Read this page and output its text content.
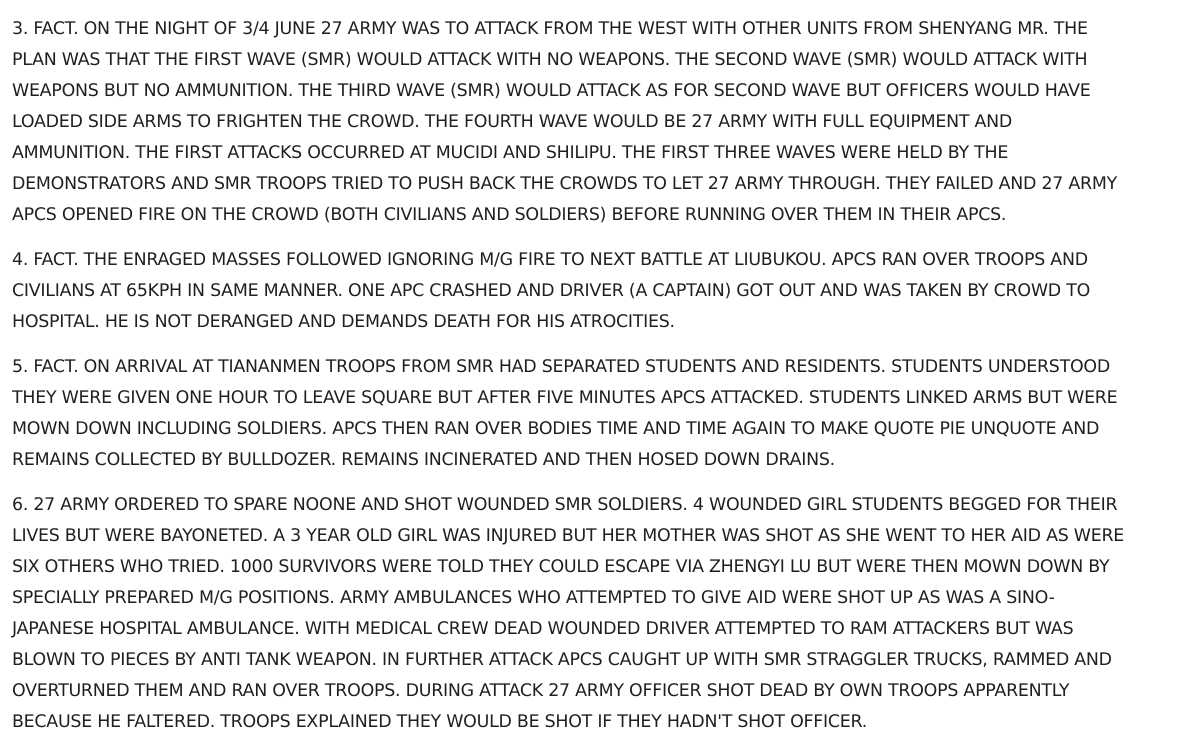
3. FACT. ON THE NIGHT OF 3/4 JUNE 27 ARMY WAS TO ATTACK FROM THE WEST WITH OTHER UNITS FROM SHENYANG MR. THE
PLAN WAS THAT THE FIRST WAVE (SMR) WOULD ATTACK WITH NO WEAPONS. THE SECOND WAVE (SMR) WOULD ATTACK WITH
WEAPONS BUT NO AMMUNITION. THE THIRD WAVE (SMR) WOULD ATTACK AS FOR SECOND WAVE BUT OFFICERS WOULD HAVE
LOADED SIDE ARMS TO FRIGHTEN THE CROWD. THE FOURTH WAVE WOULD BE 27 ARMY WITH FULL EQUIPMENT AND
AMMUNITION. THE FIRST ATTACKS OCCURRED AT MUCIDI AND SHILIPU. THE FIRST THREE WAVES WERE HELD BY THE
DEMONSTRATORS AND SMR TROOPS TRIED TO PUSH BACK THE CROWDS TO LET 27 ARMY THROUGH. THEY FAILED AND 27 ARMY
APCS OPENED FIRE ON THE CROWD (BOTH CIVILIANS AND SOLDIERS) BEFORE RUNNING OVER THEM IN THEIR APCS.

4. FACT. THE ENRAGED MASSES FOLLOWED IGNORING M/G FIRE TO NEXT BATTLE AT LIUBUKOU. APCS RAN OVER TROOPS AND
CIVILIANS AT 65KPH IN SAME MANNER. ONE APC CRASHED AND DRIVER (A CAPTAIN) GOT OUT AND WAS TAKEN BY CROWD TO
HOSPITAL. HE IS NOT DERANGED AND DEMANDS DEATH FOR HIS ATROCITIES.

5. FACT. ON ARRIVAL AT TIANANMEN TROOPS FROM SMR HAD SEPARATED STUDENTS AND RESIDENTS. STUDENTS UNDERSTOOD
THEY WERE GIVEN ONE HOUR TO LEAVE SQUARE BUT AFTER FIVE MINUTES APCS ATTACKED. STUDENTS LINKED ARMS BUT WERE
MOWN DOWN INCLUDING SOLDIERS. APCS THEN RAN OVER BODIES TIME AND TIME AGAIN TO MAKE QUOTE PIE UNQUOTE AND
REMAINS COLLECTED BY BULLDOZER. REMAINS INCINERATED AND THEN HOSED DOWN DRAINS.

6. 27 ARMY ORDERED TO SPARE NOONE AND SHOT WOUNDED SMR SOLDIERS. 4 WOUNDED GIRL STUDENTS BEGGED FOR THEIR
LIVES BUT WERE BAYONETED. A 3 YEAR OLD GIRL WAS INJURED BUT HER MOTHER WAS SHOT AS SHE WENT TO HER AID AS WERE
SIX OTHERS WHO TRIED. 1000 SURVIVORS WERE TOLD THEY COULD ESCAPE VIA ZHENGYI LU BUT WERE THEN MOWN DOWN BY
SPECIALLY PREPARED M/G POSITIONS. ARMY AMBULANCES WHO ATTEMPTED TO GIVE AID WERE SHOT UP AS WAS A SINO-
JAPANESE HOSPITAL AMBULANCE. WITH MEDICAL CREW DEAD WOUNDED DRIVER ATTEMPTED TO RAM ATTACKERS BUT WAS
BLOWN TO PIECES BY ANTI TANK WEAPON. IN FURTHER ATTACK APCS CAUGHT UP WITH SMR STRAGGLER TRUCKS, RAMMED AND
OVERTURNED THEM AND RAN OVER TROOPS. DURING ATTACK 27 ARMY OFFICER SHOT DEAD BY OWN TROOPS APPARENTLY
BECAUSE HE FALTERED. TROOPS EXPLAINED THEY WOULD BE SHOT IF THEY HADN'T SHOT OFFICER.
